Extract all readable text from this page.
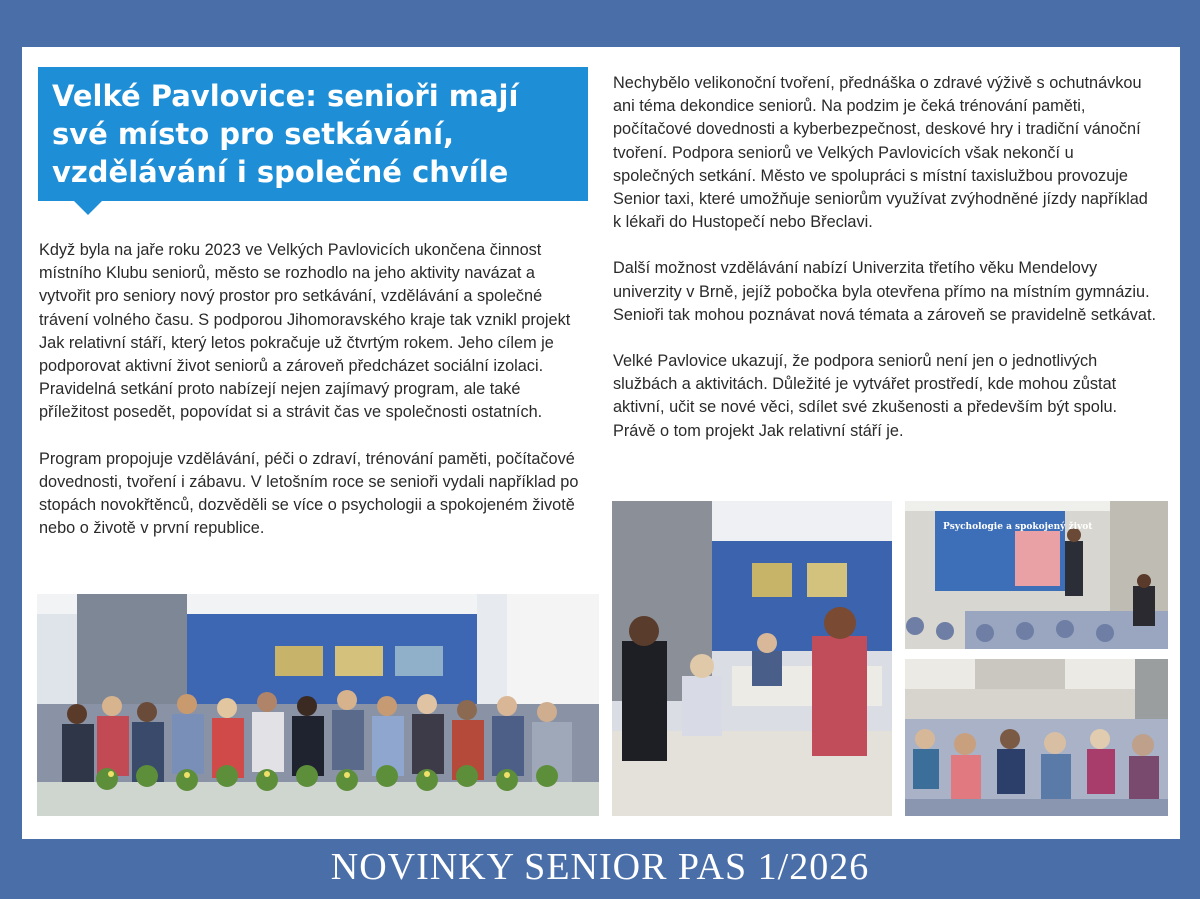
Velké Pavlovice: senioři mají své místo pro setkávání, vzdělávání i společné chvíle

Když byla na jaře roku 2023 ve Velkých Pavlovicích ukončena činnost místního Klubu seniorů, město se rozhodlo na jeho aktivity navázat a vytvořit pro seniory nový prostor pro setkávání, vzdělávání a společné trávení volného času. S podporou Jihomoravského kraje tak vznikl projekt Jak relativní stáří, který letos pokračuje už čtvrtým rokem. Jeho cílem je podporovat aktivní život seniorů a zároveň předcházet sociální izolaci. Pravidelná setkání proto nabízejí nejen zajímavý program, ale také příležitost posedět, popovídat si a strávit čas ve společnosti ostatních.

Program propojuje vzdělávání, péči o zdraví, trénování paměti, počítačové dovednosti, tvoření i zábavu. V letošním roce se senioři vydali například po stopách novokřtěnců, dozvěděli se více o psychologii a spokojeném životě nebo o životě v první republice.

Nechybělo velikonoční tvoření, přednáška o zdravé výživě s ochutnávkou ani téma dekondice seniorů. Na podzim je čeká trénování paměti, počítačové dovednosti a kyberbezpečnost, deskové hry i tradiční vánoční tvoření. Podpora seniorů ve Velkých Pavlovicích však nekončí u společných setkání. Město ve spolupráci s místní taxislužbou provozuje Senior taxi, které umožňuje seniorům využívat zvýhodněné jízdy například k lékaři do Hustopečí nebo Břeclavi.

Další možnost vzdělávání nabízí Univerzita třetího věku Mendelovy univerzity v Brně, jejíž pobočka byla otevřena přímo na místním gymnáziu. Senioři tak mohou poznávat nová témata a zároveň se pravidelně setkávat.

Velké Pavlovice ukazují, že podpora seniorů není jen o jednotlivých službách a aktivitách. Důležité je vytvářet prostředí, kde mohou zůstat aktivní, učit se nové věci, sdílet své zkušenosti a především být spolu. Právě o tom projekt Jak relativní stáří je.

Psychologie a spokojený život
NOVINKY SENIOR PAS 1/2026
